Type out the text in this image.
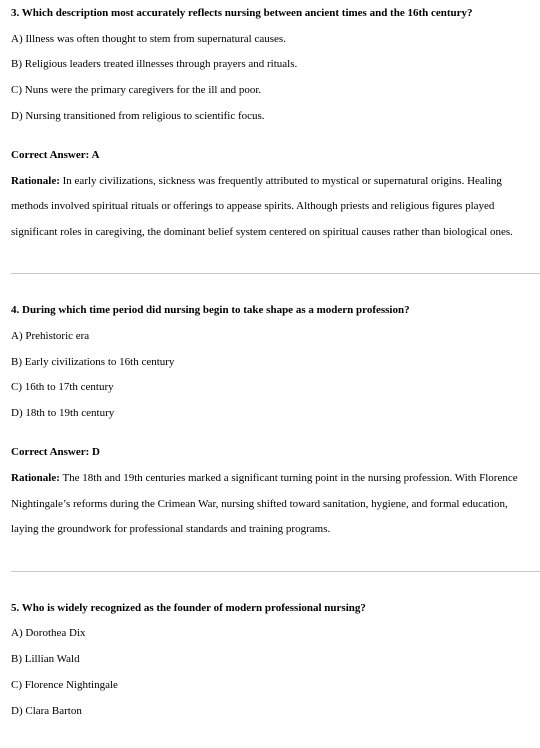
3. Which description most accurately reflects nursing between ancient times and the 16th century?
A) Illness was often thought to stem from supernatural causes.
B) Religious leaders treated illnesses through prayers and rituals.
C) Nuns were the primary caregivers for the ill and poor.
D) Nursing transitioned from religious to scientific focus.
Correct Answer: A
Rationale: In early civilizations, sickness was frequently attributed to mystical or supernatural origins. Healing
methods involved spiritual rituals or offerings to appease spirits. Although priests and religious figures played
significant roles in caregiving, the dominant belief system centered on spiritual causes rather than biological ones.
4. During which time period did nursing begin to take shape as a modern profession?
A) Prehistoric era
B) Early civilizations to 16th century
C) 16th to 17th century
D) 18th to 19th century
Correct Answer: D
Rationale: The 18th and 19th centuries marked a significant turning point in the nursing profession. With Florence
Nightingale’s reforms during the Crimean War, nursing shifted toward sanitation, hygiene, and formal education,
laying the groundwork for professional standards and training programs.
5. Who is widely recognized as the founder of modern professional nursing?
A) Dorothea Dix
B) Lillian Wald
C) Florence Nightingale
D) Clara Barton
